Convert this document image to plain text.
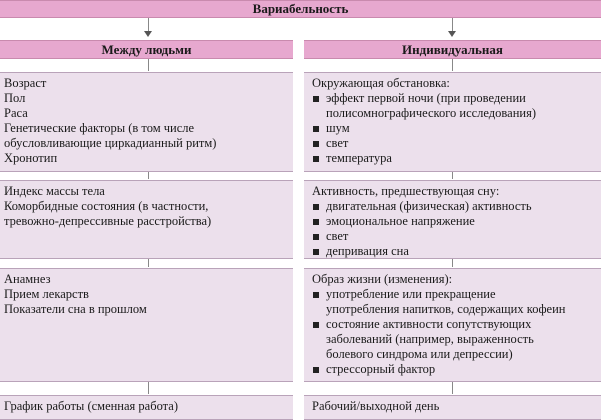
Вариабельность
Между людьми	Индивидуальная
Возраст
Пол
Раса
Генетические факторы (в том числе
обусловливающие циркадианный ритм)
Хронотип
Окружающая обстановка:
эффект первой ночи (при проведении
полисомнографического исследования)
шум
свет
температура
Индекс массы тела
Коморбидные состояния (в частности,
тревожно-депрессивные расстройства)
Активность, предшествующая сну:
двигательная (физическая) активность
эмоциональное напряжение
свет
депривация сна
Анамнез
Прием лекарств
Показатели сна в прошлом
Образ жизни (изменения):
употребление или прекращение
употребления напитков, содержащих кофеин
состояние активности сопутствующих
заболеваний (например, выраженность
болевого синдрома или депрессии)
стрессорный фактор
График работы (сменная работа)	Рабочий/выходной день
